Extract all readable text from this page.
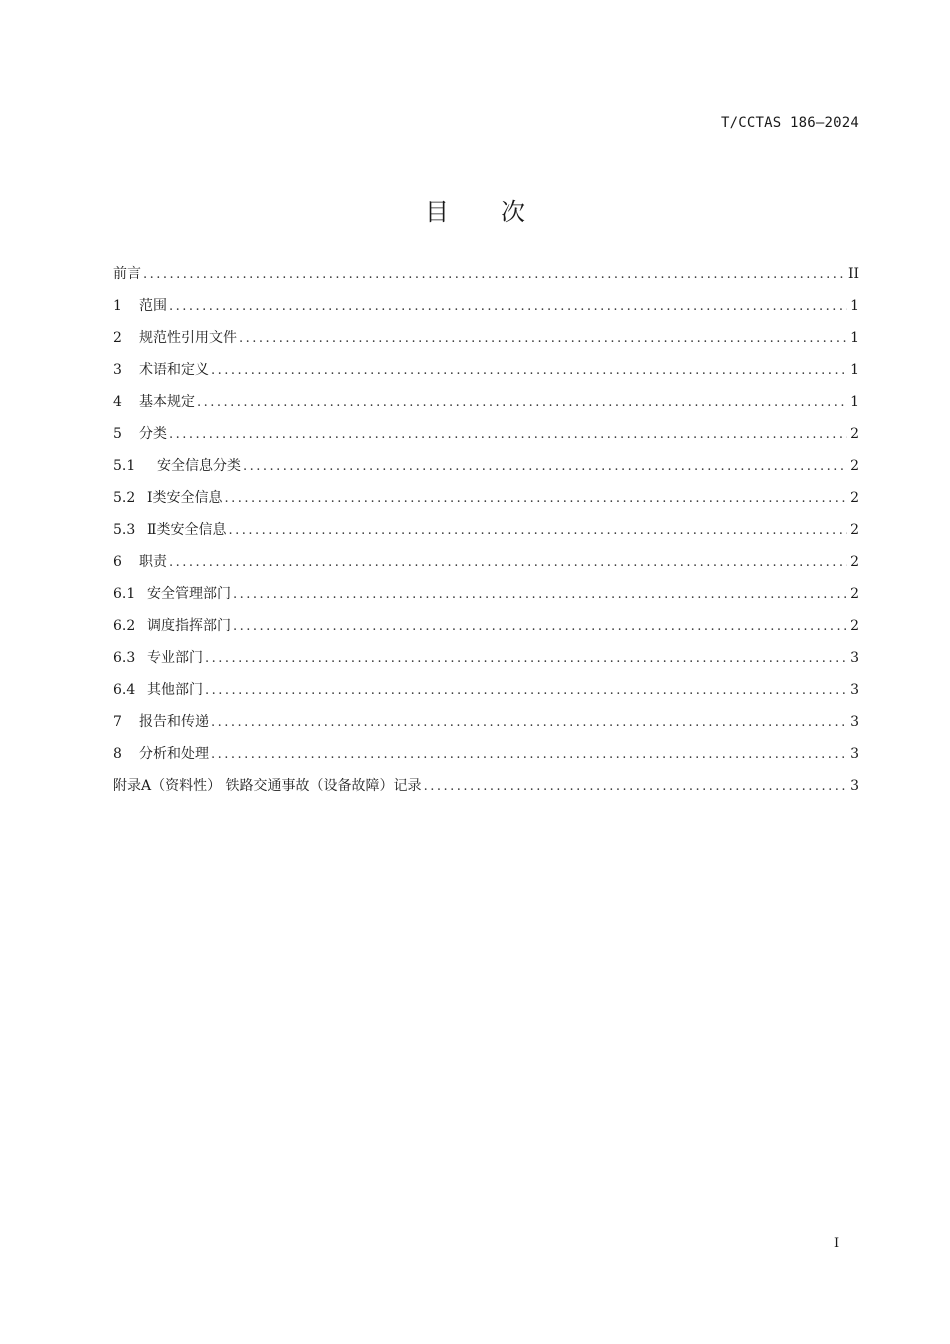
T/CCTAS 186—2024
目 次
前言 .....	II
1 范围 .....	1
2 规范性引用文件 .....	1
3 术语和定义 .....	1
4 基本规定 .....	1
5 分类 .....	2
5.1 安全信息分类 .....	2
5.2 Ⅰ类安全信息 .....	2
5.3 Ⅱ类安全信息 .....	2
6 职责 .....	2
6.1 安全管理部门 .....	2
6.2 调度指挥部门 .....	2
6.3 专业部门 .....	3
6.4 其他部门 .....	3
7 报告和传递 .....	3
8 分析和处理 .....	3
附录A（资料性） 铁路交通事故（设备故障）记录 .....	3
I
